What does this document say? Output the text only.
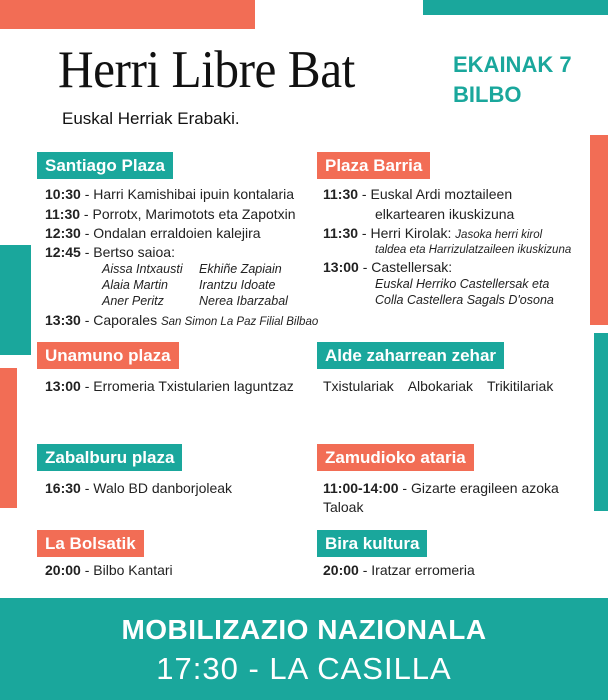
Herri Libre Bat
Euskal Herriak Erabaki.
EKAINAK 7
BILBO
Santiago Plaza
10:30 - Harri Kamishibai ipuin kontalaria
11:30 - Porrotx, Marimotots eta Zapotxin
12:30 - Ondalan erraldoien kalejira
12:45 - Bertso saioa:
Aissa Intxausti Ekhiñe Zapiain
Alaia Martin Irantzu Idoate
Aner Peritz	Nerea Ibarzabal
13:30 - Caporales San Simon La Paz Filial Bilbao
Plaza Barria
11:30 - Euskal Ardi moztaileen
elkartearen ikuskizuna
11:30 - Herri Kirolak: Jasoka herri kirol
taldea eta Harrizulatzaileen ikuskizuna
13:00 - Castellersak:
Euskal Herriko Castellersak eta
Colla Castellera Sagals D'osona
Unamuno plaza
13:00 - Erromeria Txistularien laguntzaz
Alde zaharrean zehar
Txistulariak Albokariak Trikitilariak
Zabalburu plaza
16:30 - Walo BD danborjoleak
Zamudioko ataria
11:00-14:00 - Gizarte eragileen azoka
Taloak
La Bolsatik
20:00 - Bilbo Kantari
Bira kultura
20:00 - Iratzar erromeria
MOBILIZAZIO NAZIONALA
17:30 - LA CASILLA
